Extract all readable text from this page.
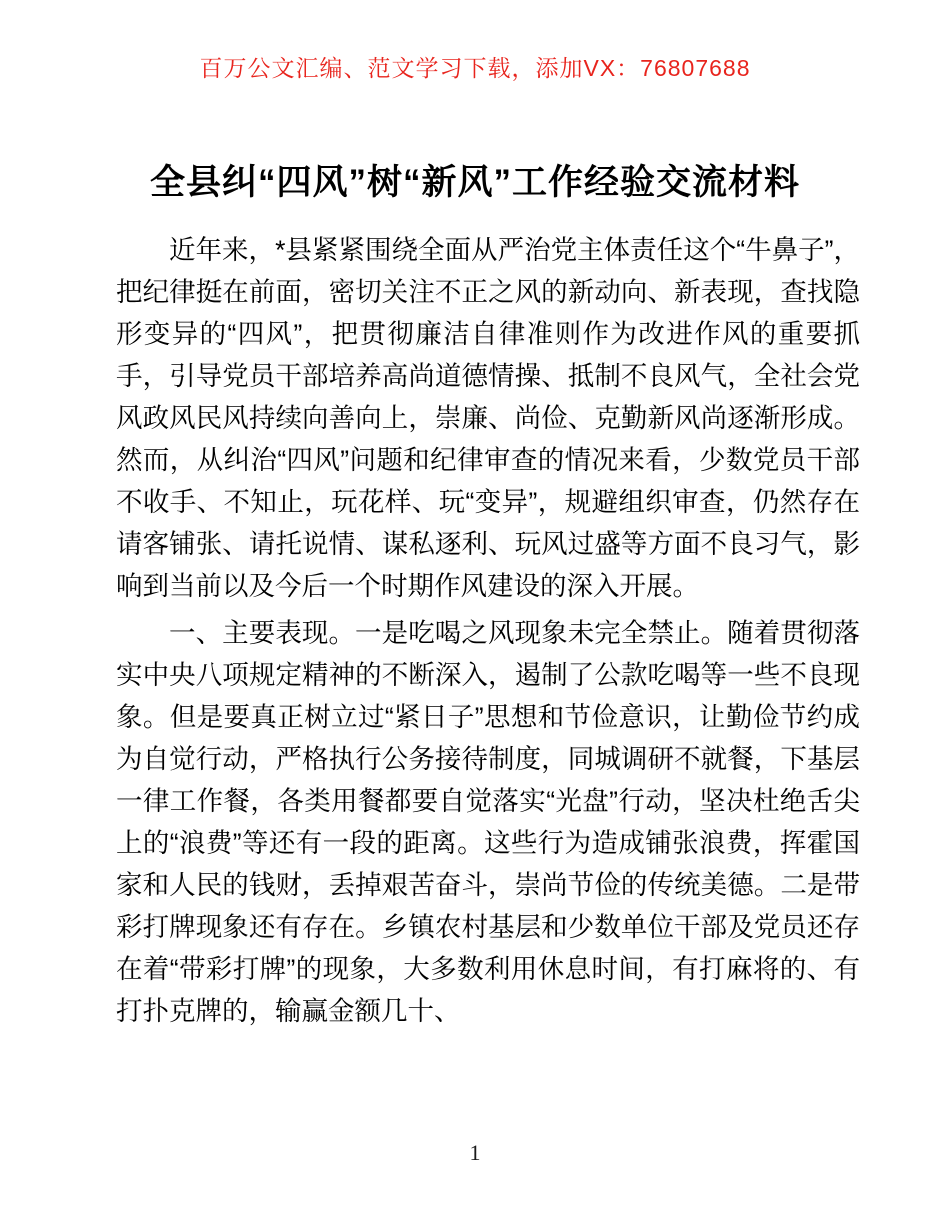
百万公文汇编、范文学习下载，添加VX：76807688
全县纠“四风”树“新风”工作经验交流材料

近年来，*县紧紧围绕全面从严治党主体责任这个“牛鼻子”，把纪律挺在前面，密切关注不正之风的新动向、新表现，查找隐形变异的“四风”，把贯彻廉洁自律准则作为改进作风的重要抓手，引导党员干部培养高尚道德情操、抵制不良风气，全社会党风政风民风持续向善向上，崇廉、尚俭、克勤新风尚逐渐形成。然而，从纠治“四风”问题和纪律审查的情况来看，少数党员干部不收手、不知止，玩花样、玩“变异”，规避组织审查，仍然存在请客铺张、请托说情、谋私逐利、玩风过盛等方面不良习气，影响到当前以及今后一个时期作风建设的深入开展。

一、主要表现。一是吃喝之风现象未完全禁止。随着贯彻落实中央八项规定精神的不断深入，遏制了公款吃喝等一些不良现象。但是要真正树立过“紧日子”思想和节俭意识，让勤俭节约成为自觉行动，严格执行公务接待制度，同城调研不就餐，下基层一律工作餐，各类用餐都要自觉落实“光盘”行动，坚决杜绝舌尖上的“浪费”等还有一段的距离。这些行为造成铺张浪费，挥霍国家和人民的钱财，丢掉艰苦奋斗，崇尚节俭的传统美德。二是带彩打牌现象还有存在。乡镇农村基层和少数单位干部及党员还存在着“带彩打牌”的现象，大多数利用休息时间，有打麻将的、有打扑克牌的，输赢金额几十、

1
